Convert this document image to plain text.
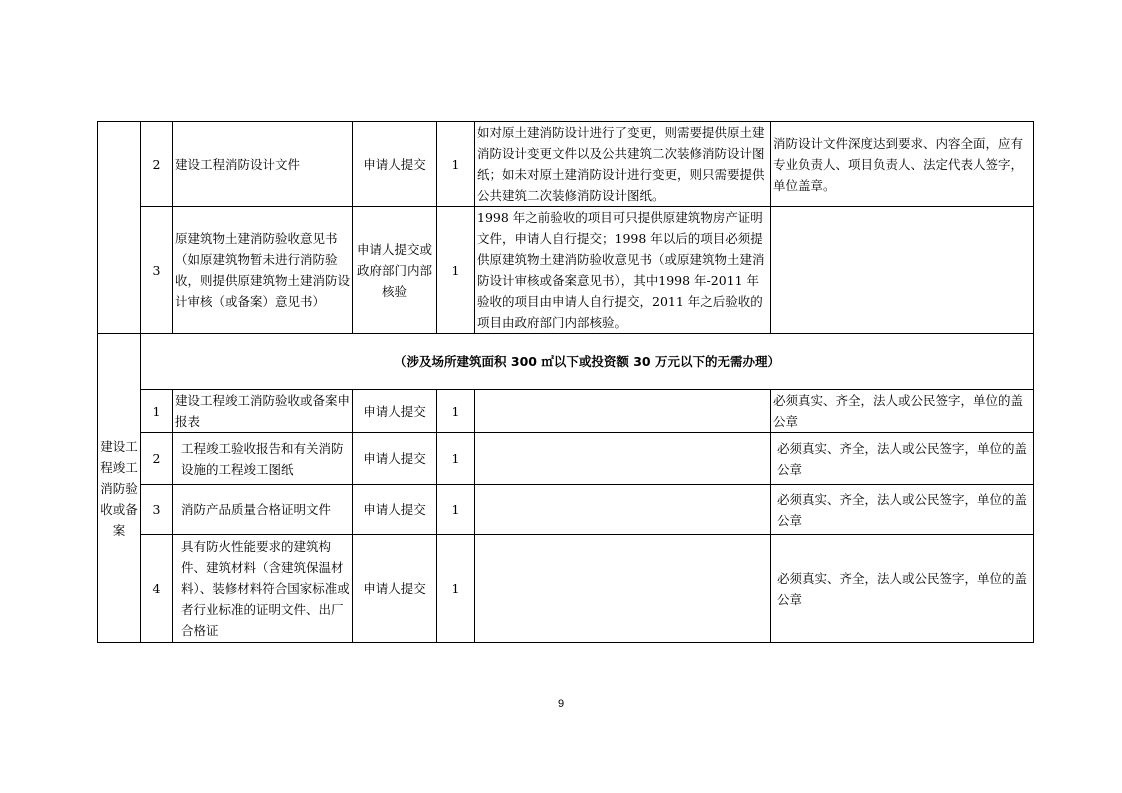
	2	建设工程消防设计文件	申请人提交	1	如对原土建消防设计进行了变更，则需要提供原土建消防设计变更文件以及公共建筑二次装修消防设计图纸；如未对原土建消防设计进行变更，则只需要提供公共建筑二次装修消防设计图纸。	消防设计文件深度达到要求、内容全面，应有专业负责人、项目负责人、法定代表人签字，单位盖章。
	3	原建筑物土建消防验收意见书（如原建筑物暂未进行消防验收，则提供原建筑物土建消防设计审核（或备案）意见书）	申请人提交或政府部门内部核验	1	1998 年之前验收的项目可只提供原建筑物房产证明文件，申请人自行提交；1998 年以后的项目必须提供原建筑物土建消防验收意见书（或原建筑物土建消防设计审核或备案意见书），其中1998 年-2011 年验收的项目由申请人自行提交，2011 年之后验收的项目由政府部门内部核验。	
建设工程竣工消防验收或备案	（涉及场所建筑面积 300 ㎡以下或投资额 30 万元以下的无需办理）					
	1	建设工程竣工消防验收或备案申报表	申请人提交	1		必须真实、齐全，法人或公民签字，单位的盖公章
	2	工程竣工验收报告和有关消防设施的工程竣工图纸	申请人提交	1		必须真实、齐全，法人或公民签字，单位的盖公章
	3	消防产品质量合格证明文件	申请人提交	1		必须真实、齐全，法人或公民签字，单位的盖公章
	4	具有防火性能要求的建筑构件、建筑材料（含建筑保温材料）、装修材料符合国家标准或者行业标准的证明文件、出厂合格证	申请人提交	1		必须真实、齐全，法人或公民签字，单位的盖公章
9
